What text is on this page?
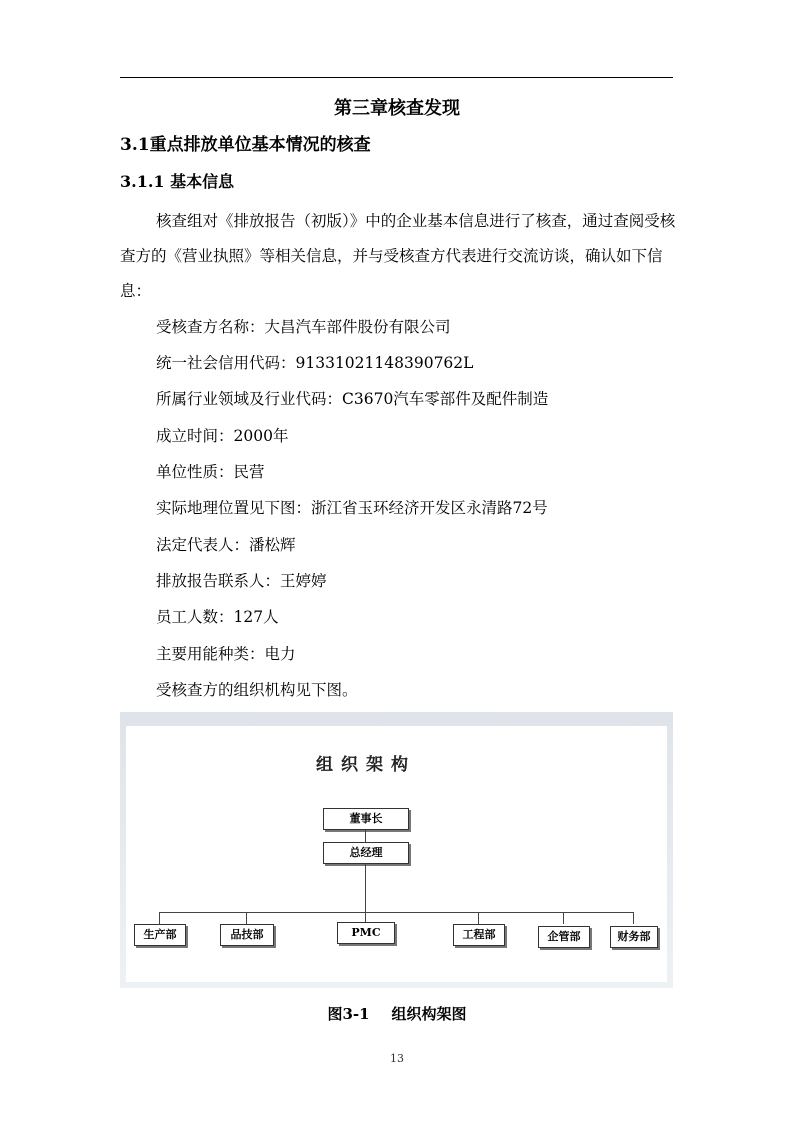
第三章核查发现
3.1重点排放单位基本情况的核查
3.1.1 基本信息
核查组对《排放报告（初版）》中的企业基本信息进行了核查，通过查阅受核查方的《营业执照》等相关信息，并与受核查方代表进行交流访谈，确认如下信息：
受核查方名称：大昌汽车部件股份有限公司
统一社会信用代码：91331021148390762L
所属行业领域及行业代码：C3670汽车零部件及配件制造
成立时间：2000年
单位性质：民营
实际地理位置见下图：浙江省玉环经济开发区永清路72号
法定代表人：潘松辉
排放报告联系人：王婷婷
员工人数：127人
主要用能种类：电力
受核查方的组织机构见下图。
组织架构
董事长
总经理
生产部	品技部	PMC	工程部	企管部	财务部
图3-1 组织构架图
13
